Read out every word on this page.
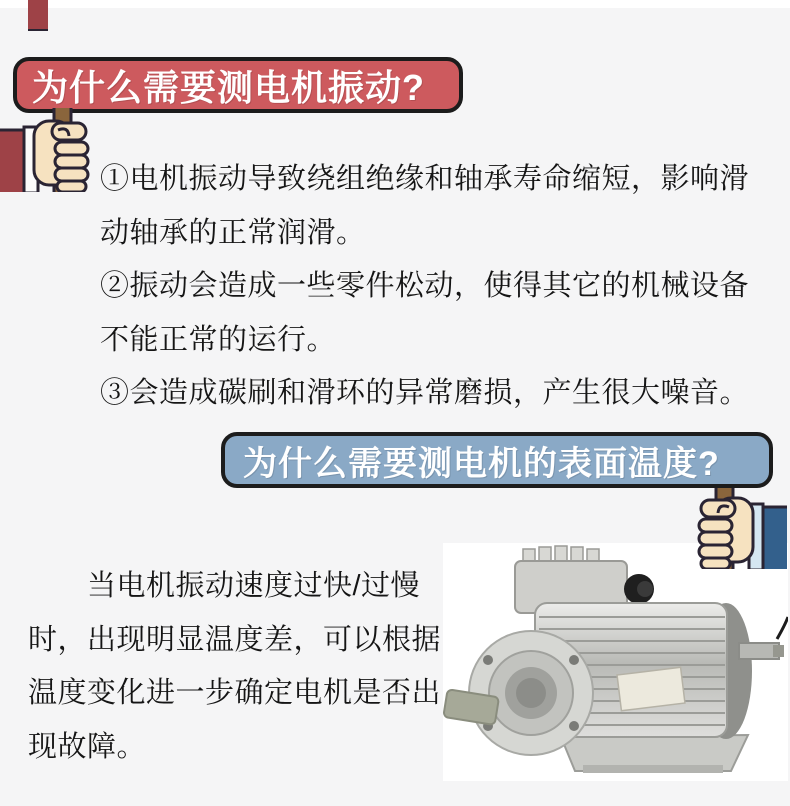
为什么需要测电机振动?
①电机振动导致绕组绝缘和轴承寿命缩短，影响滑
动轴承的正常润滑。
②振动会造成一些零件松动，使得其它的机械设备
不能正常的运行。
③会造成碳刷和滑环的异常磨损，产生很大噪音。
为什么需要测电机的表面温度?
　　当电机振动速度过快/过慢
时，出现明显温度差，可以根据
温度变化进一步确定电机是否出
现故障。
